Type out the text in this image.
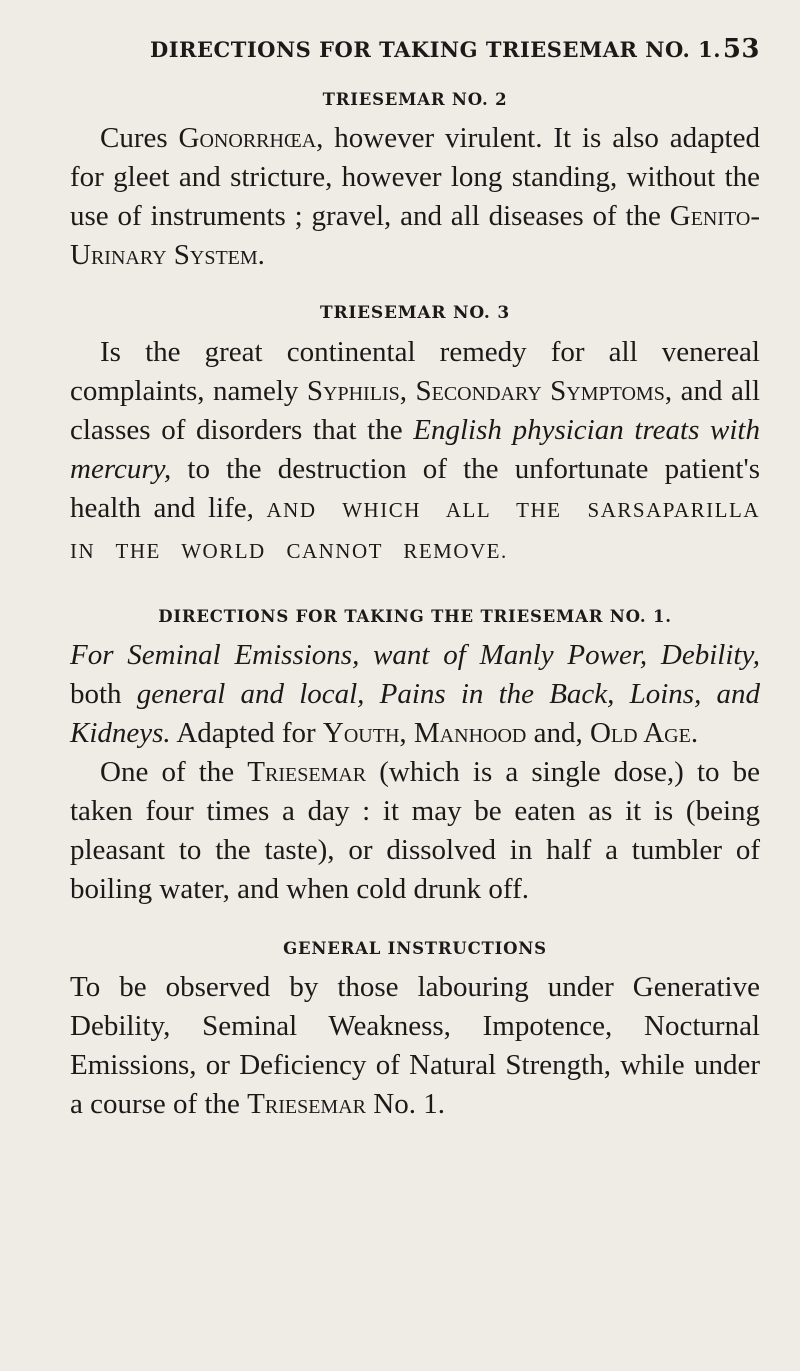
DIRECTIONS FOR TAKING TRIESEMAR NO. 1. 53
TRIESEMAR NO. 2

Cures Gonorrhœa, however virulent. It is also adapted for gleet and stricture, however long standing, without the use of instruments ; gravel, and all diseases of the Genito-Urinary System.

TRIESEMAR NO. 3

Is the great continental remedy for all venereal complaints, namely Syphilis, Secondary Symptoms, and all classes of disorders that the English physician treats with mercury, to the destruction of the unfortunate patient's health and life, AND WHICH ALL THE SARSAPARILLA IN THE WORLD CANNOT REMOVE.

DIRECTIONS FOR TAKING THE TRIESEMAR NO. 1.

For Seminal Emissions, want of Manly Power, Debility, both general and local, Pains in the Back, Loins, and Kidneys. Adapted for Youth, Manhood and, Old Age.

One of the Triesemar (which is a single dose,) to be taken four times a day : it may be eaten as it is (being pleasant to the taste), or dissolved in half a tumbler of boiling water, and when cold drunk off.

GENERAL INSTRUCTIONS

To be observed by those labouring under Generative Debility, Seminal Weakness, Impotence, Nocturnal Emissions, or Deficiency of Natural Strength, while under a course of the Triesemar No. 1.
